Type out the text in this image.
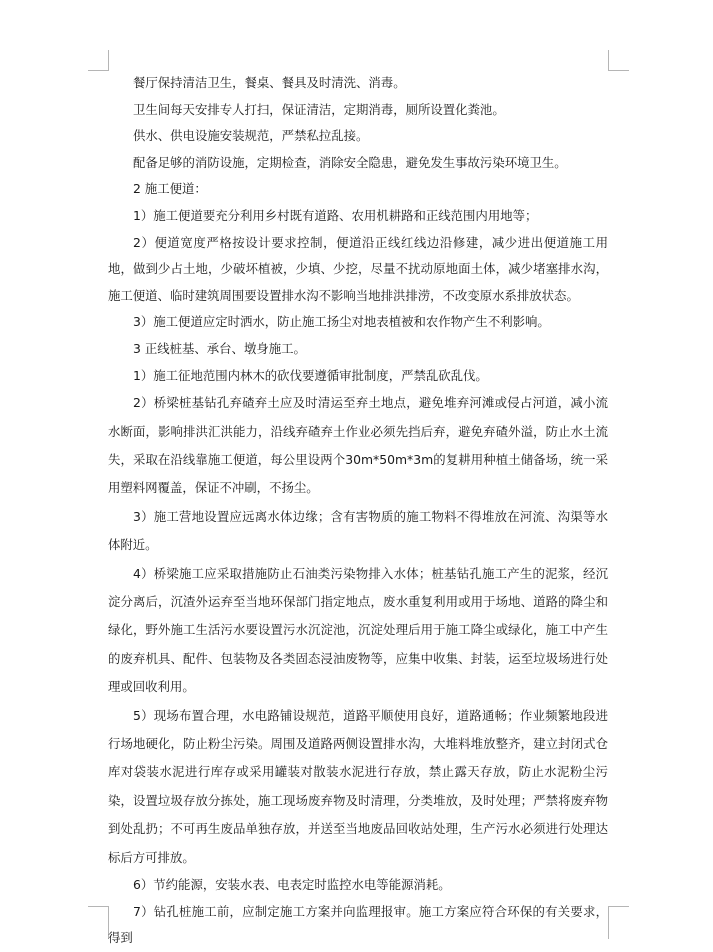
餐厅保持清洁卫生，餐桌、餐具及时清洗、消毒。

卫生间每天安排专人打扫，保证清洁，定期消毒，厕所设置化粪池。

供水、供电设施安装规范，严禁私拉乱接。

配备足够的消防设施，定期检查，消除安全隐患，避免发生事故污染环境卫生。

2 施工便道：

1）施工便道要充分利用乡村既有道路、农用机耕路和正线范围内用地等；

2）便道宽度严格按设计要求控制，便道沿正线红线边沿修建，减少进出便道施工用地，做到少占土地，少破坏植被，少填、少挖，尽量不扰动原地面土体，减少堵塞排水沟，施工便道、临时建筑周围要设置排水沟不影响当地排洪排涝，不改变原水系排放状态。

3）施工便道应定时洒水，防止施工扬尘对地表植被和农作物产生不利影响。

3 正线桩基、承台、墩身施工。

1）施工征地范围内林木的砍伐要遵循审批制度，严禁乱砍乱伐。

2）桥梁桩基钻孔弃碴弃土应及时清运至弃土地点，避免堆弃河滩或侵占河道，减小流水断面，影响排洪汇洪能力，沿线弃碴弃土作业必须先挡后弃，避免弃碴外溢，防止水土流失，采取在沿线靠施工便道，每公里设两个30m*50m*3m的复耕用种植土储备场，统一采用塑料网覆盖，保证不冲刷，不扬尘。

3）施工营地设置应远离水体边缘；含有害物质的施工物料不得堆放在河流、沟渠等水体附近。

4）桥梁施工应采取措施防止石油类污染物排入水体；桩基钻孔施工产生的泥浆，经沉淀分离后，沉渣外运弃至当地环保部门指定地点，废水重复利用或用于场地、道路的降尘和绿化，野外施工生活污水要设置污水沉淀池，沉淀处理后用于施工降尘或绿化，施工中产生的废弃机具、配件、包装物及各类固态浸油废物等，应集中收集、封装，运至垃圾场进行处理或回收利用。

5）现场布置合理，水电路铺设规范，道路平顺使用良好，道路通畅；作业频繁地段进行场地硬化，防止粉尘污染。周围及道路两侧设置排水沟，大堆料堆放整齐，建立封闭式仓库对袋装水泥进行库存或采用罐装对散装水泥进行存放，禁止露天存放，防止水泥粉尘污染，设置垃圾存放分拣处，施工现场废弃物及时清理，分类堆放，及时处理；严禁将废弃物到处乱扔；不可再生废品单独存放，并送至当地废品回收站处理，生产污水必须进行处理达标后方可排放。

6）节约能源，安装水表、电表定时监控水电等能源消耗。

7）钻孔桩施工前，应制定施工方案并向监理报审。施工方案应符合环保的有关要求，得到
